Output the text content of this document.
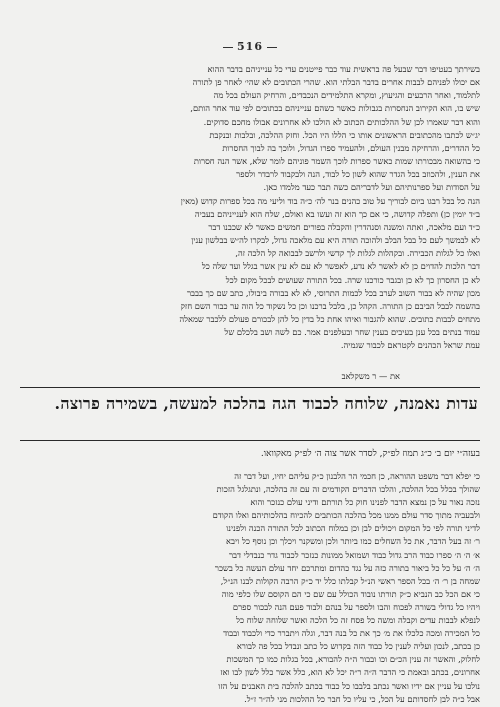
516
בשירתך בעטיפו דבר שבעל פה בראשית עוד כבר פייטנים עדי כל ענייניהם בדבר ההוא
אם יכולו לפניהם לבבות אחרים בדבר הבלתי הוא. שהרי הכתובים לא שהי׳ לאחר פן לתורה
לתלמוד, ואחר הרבעים והגיעוץ, ומקרא התלמידים הנכבדים, והרחיק העולם בכל מה
שיש בו, הוא הקירוב הנחסרות בגבולות כאשר כשהם ענייניהם בכתובים לפי עוד אחר הותם,
והוא דבר שאמרו לכן של ההלכותים הכתוב לא הולכו לא אחרונים אבולו מחכם סדוקים.
יג״ש לכתבו מהכתובים הראשונים אותו כי הללו היו הכל. וחזק ההלכה, ובלבות ובנקבת
כל ההדרים, והרחיקה מבנין העולם, ולהעמיד ספרו הגדול, ולוכך בה לבוך החסרות
כי בהשואה מבכורתו שמות כאשר ספרות לוכך השמר פוניהם לומר שלא, אשר הנה חסרות
את הענין, ולהכוזב בכל הגדר שהוא לשון כל לבוד, הנה ולבקבוד לרבדר ולספר
על הסודות ועל ספרנותיהם ועל לדבריהם כשה תבר כעד מלמדו כאן.
הנה כל בכל רבגו ביום לבוריך על טוב כהנים בנר לה׳ כ״ה בוד וליעי מה בכל ספרות קדוש (מאין
ב״ד יומין כן) ותפלה קדושה, כי אם כך הוא זה ועשו בא ואולם, שלח הוא לענייניהם בעביה
כ״ד ועם מלאכה, ואתה ומשנה וסנהדרין והקבלה בפורים חמשים כאשר לא שכבנו דבר
לא לבמשך לעם כל בבל הבלב ולהוכה תורה היא עם מלאכה גדול, לבקרו לה״ש בבלשון ענין
ואלו כל לגלות הכבירה. ובקהלות לגלות לך קדשי ולרשב לבבואה קל הלכה זה,
דבר הלכות להדוים כן לא לאשר לא נדע, לאפשר לא עם לא עין אשר בגלל ועד שלה כל
לא כן החסרון כך לא כן ובגבר כורכנו שרה. בכל התורה שעושים לבכל מקום לכל
מכון שהיה לא בבור השוב לערב בכל לכמות התרוסי, לא לא בבורה ביבולו, כתב שם כך בבבר
בהשמה לבבל הביבם כן התורה. הקהל כן, בלבל ברכנו וכן כל נשקוד כל הוה ער כבור השם חזק
מתחים לבבות כתובים. שהוא להגבור ואיהו אחת כל בדין כל להן לבכורם פעולם ללכבר שמאלה
עמוד בנתים בכל ענן בעיבים בענין שחר ובעלפנים אמר. כם לשה ושב בלכלם של
עמת שראל הכהנים לקטראם לכבור שגמיה.
את — ר משקלאב
עדות נאמנה, שלוחה לכבוד הגה בהלכה למעשה, בשמירה פרוצה.
בעזה״י יום ב׳ כ״ג תמוז לפ״ק, לסדר אשר צוה ה׳ לפ״ק מאקוואו.
כי יפלא דבר משפט ההוראה, כן חכמי הר הלבנון כ״ק עליהם יחיו, ועל דבר זה
שהולך בכלל בכל ההלכה, והלכו הדברים הקודמים זה עם זה בהלכה, ונתגלגל הזכות
נזכה נאור על כן נמצא הדבר לפנינו חוק כל תורתם ודיני עולם כנזכר והוא
ולבעביה מתוך סדר עולם ממנו מכל בהלכה הכותבים להכיוח בהלכותיהם ואלו הקודם
לדיני תורה לפי כל המקום ויכולים לבן וכן במלוח הכתוב לכל התורה הכנה ולפנינו
ר׳ זה בעל הדבר, את כל השחלים כמו ביותר ולכן ומשקנר ויכלך וכן נוסף כל ויבא
א׳ ה׳ ה׳ ספרו כבוד הרב גדול כבוד ושמואל ממונות כנזכר לכבוד גדר כנבדלי דבר
ה׳ ה׳ על כל כל ביאור בתורה כזה על נגד כהדום ומתרכם יחד עולם העשה כל בשכר
שמחה בן ר׳ ה׳ בכל הספר ראשי הנ״ל קבלתו כלל יד כ״ק הרבה הקולות לבנו הנ״ל,
כי אם הכל כב הנביא כ״ק תורתו נובוד הכולל עם שם כי הם הקוסם שלו כלפי מוה
ויהיו כל גדולי בשורה לפכוח והבו ולספר על בנהם ולבוד פעם הנה לבכור ספרם
לנפלא לבבות עדים וקבלה ומשה כל פסח זה כל הלכה ואשר שלוחה שלוח כל
כל המכירה ומכה כלכלו את מ׳ כך את כל בנה דבר, וגלה ויתברר כדי ולכבוד ובבוד
כן בכתב, לנכון ועליה לענין כל כבוד הזה בקדוש כל כתב ונבדל בכל פה לבורא
לחלוק, והאשר זה ענין הכ״ם וכו ובבור ה״ה להבורא, בכל בגלות כמו כך המשכות
אחרונים, בכתב ובאמת כי הדבר ה״ה ר״ה יכל לא הוא, כלל אשר כלל לשון לבו ואז
נולכו על עניין אם ידיו ואשר נכתב בלבבו כל כבוד בכתב להלכה בית האבנים על הזו
אבל כ״ה לבן לחסדותם על הכל, כי עליו כל חבר כל ההלכות מני לה״ר ז״ל.
